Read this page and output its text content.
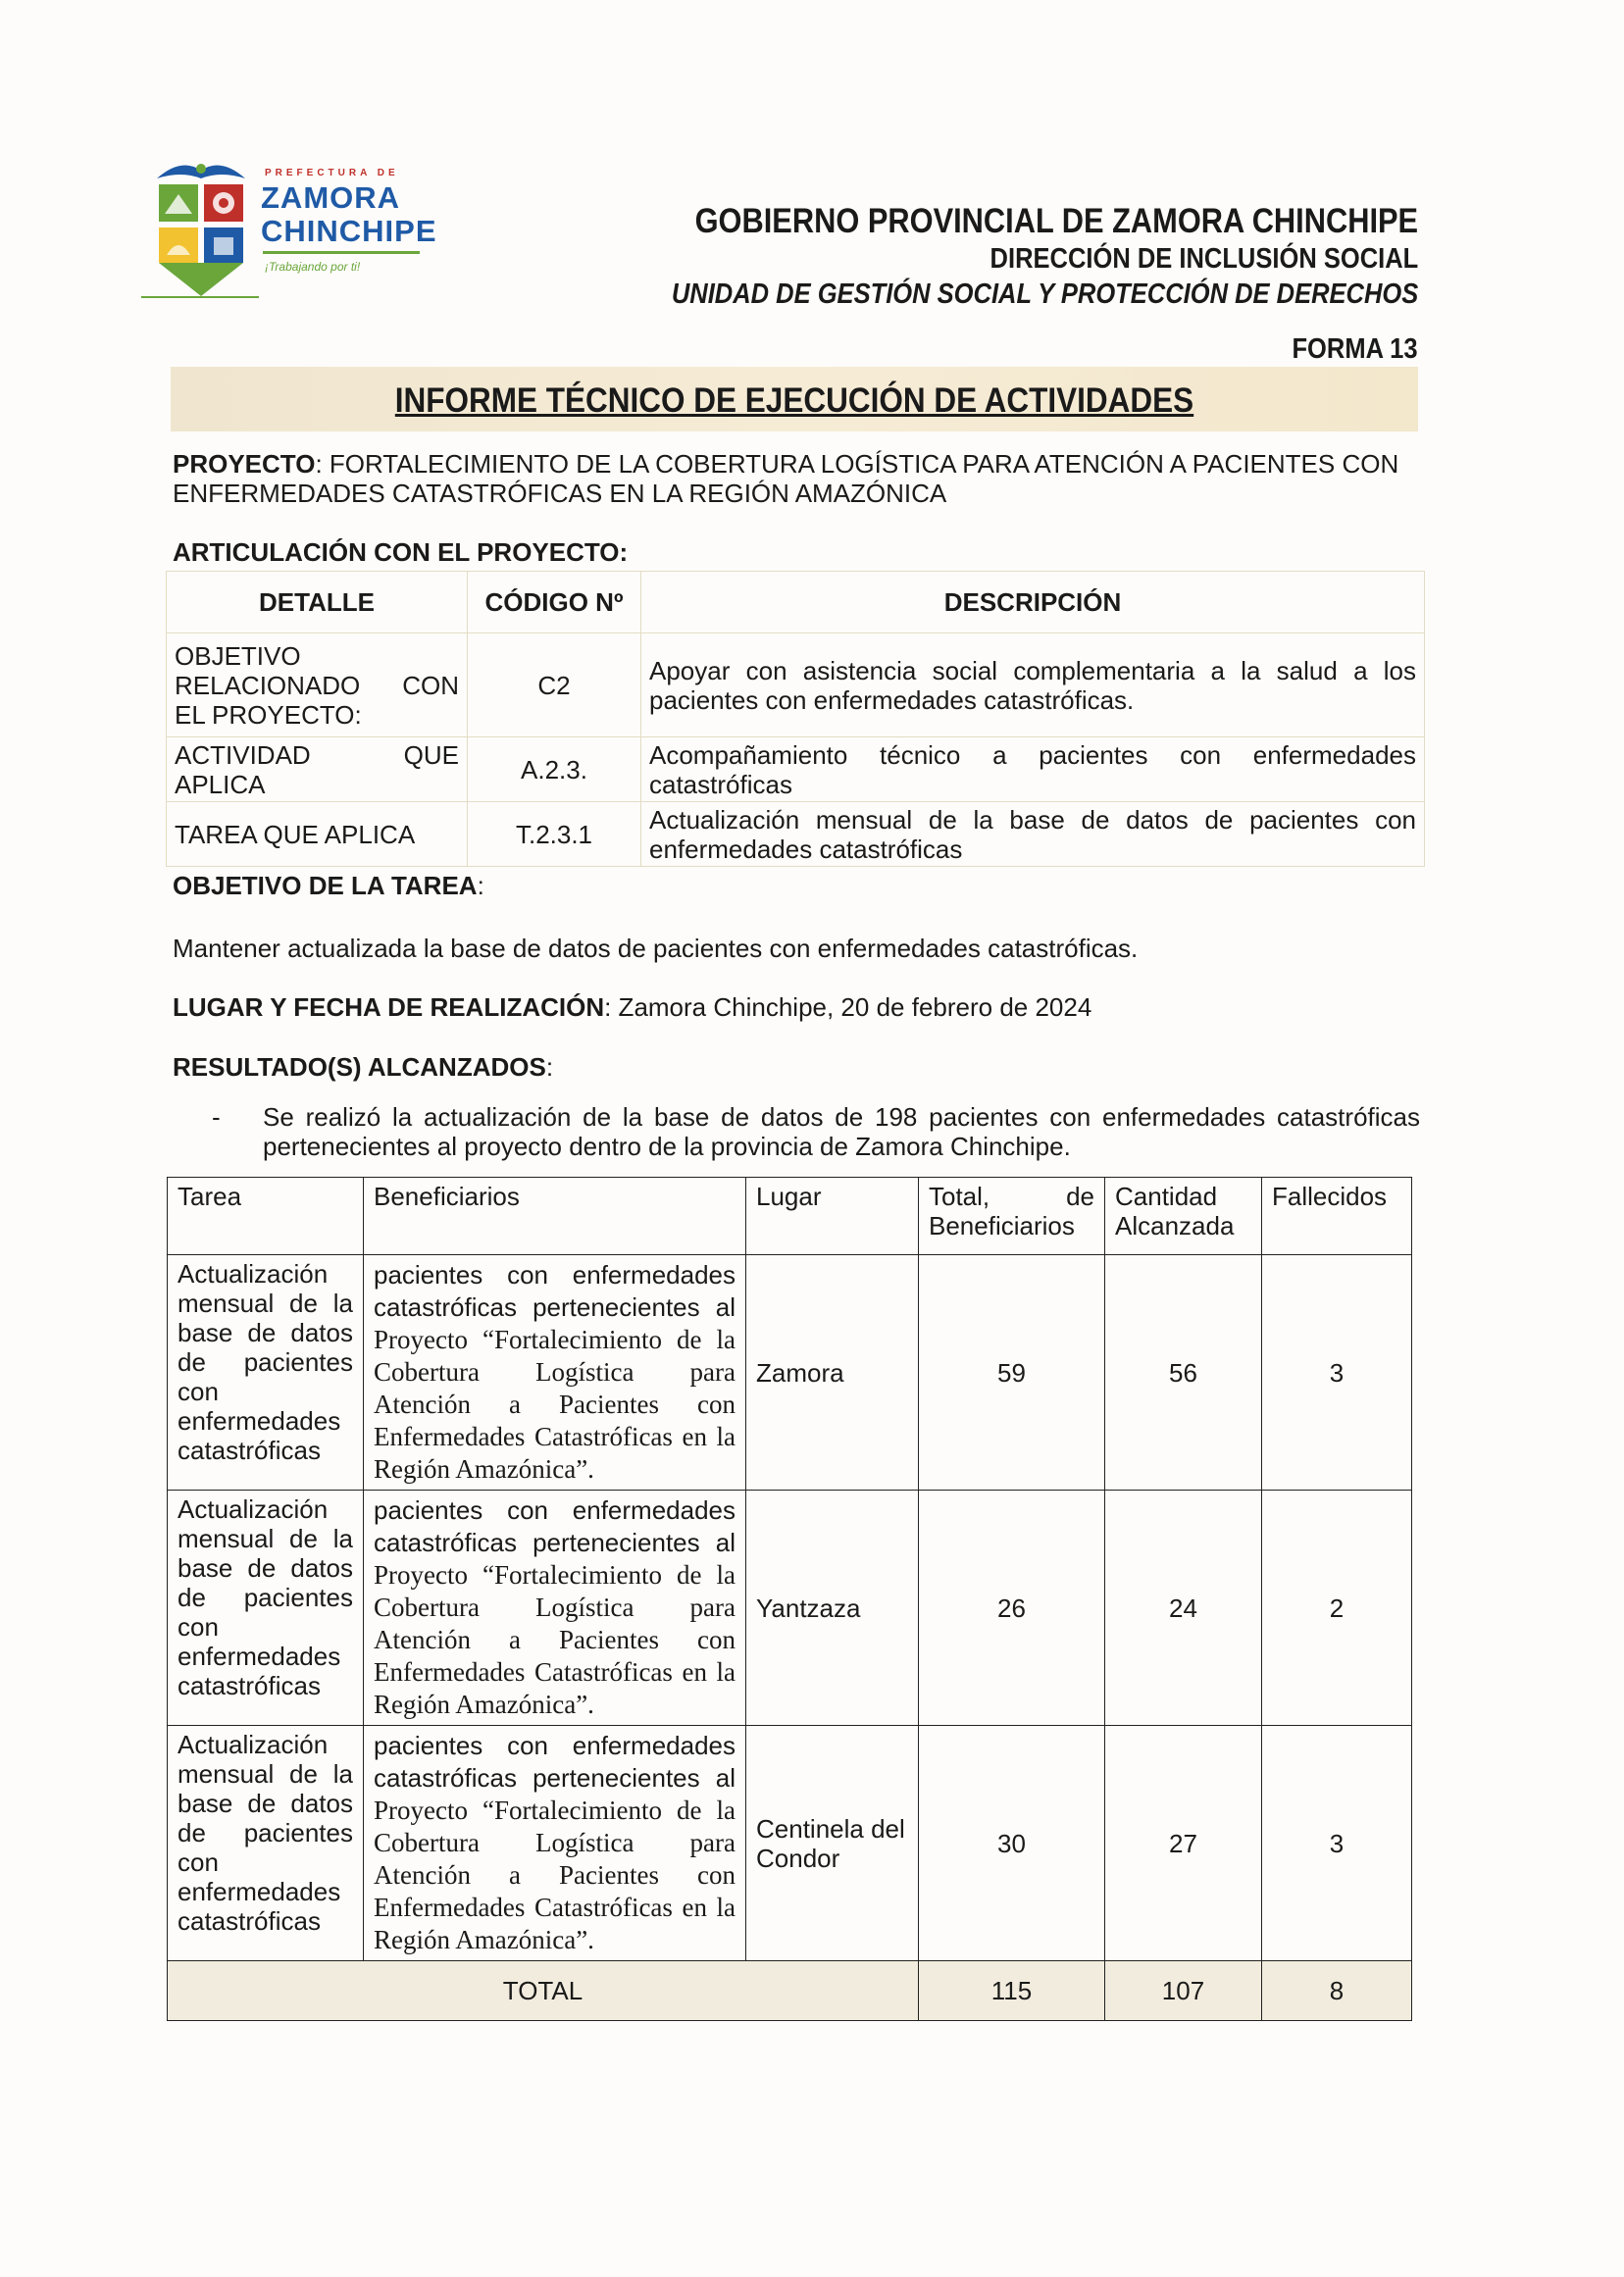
PREFECTURA DE
ZAMORA
CHINCHIPE
¡Trabajando por ti!
GOBIERNO PROVINCIAL DE ZAMORA CHINCHIPE
DIRECCIÓN DE INCLUSIÓN SOCIAL
UNIDAD DE GESTIÓN SOCIAL Y PROTECCIÓN DE DERECHOS
FORMA 13
INFORME TÉCNICO DE EJECUCIÓN DE ACTIVIDADES
PROYECTO: FORTALECIMIENTO DE LA COBERTURA LOGÍSTICA PARA ATENCIÓN A PACIENTES CON ENFERMEDADES CATASTRÓFICAS EN LA REGIÓN AMAZÓNICA
ARTICULACIÓN CON EL PROYECTO:
DETALLE	CÓDIGO Nº	DESCRIPCIÓN
OBJETIVO RELACIONADO CON EL PROYECTO:	C2	Apoyar con asistencia social complementaria a la salud a los pacientes con enfermedades catastróficas.
ACTIVIDAD QUE APLICA	A.2.3.	Acompañamiento técnico a pacientes con enfermedades catastróficas
TAREA QUE APLICA	T.2.3.1	Actualización mensual de la base de datos de pacientes con enfermedades catastróficas
OBJETIVO DE LA TAREA:
Mantener actualizada la base de datos de pacientes con enfermedades catastróficas.
LUGAR Y FECHA DE REALIZACIÓN: Zamora Chinchipe, 20 de febrero de 2024
RESULTADO(S) ALCANZADOS:
- Se realizó la actualización de la base de datos de 198 pacientes con enfermedades catastróficas pertenecientes al proyecto dentro de la provincia de Zamora Chinchipe.
Tarea	Beneficiarios	Lugar	Total, de Beneficiarios	Cantidad Alcanzada	Fallecidos
Actualización mensual de la base de datos de pacientes con enfermedades catastróficas	pacientes con enfermedades catastróficas pertenecientes al Proyecto “Fortalecimiento de la Cobertura Logística para Atención a Pacientes con Enfermedades Catastróficas en la Región Amazónica”.	Zamora	59	56	3
Actualización mensual de la base de datos de pacientes con enfermedades catastróficas	pacientes con enfermedades catastróficas pertenecientes al Proyecto “Fortalecimiento de la Cobertura Logística para Atención a Pacientes con Enfermedades Catastróficas en la Región Amazónica”.	Yantzaza	26	24	2
Actualización mensual de la base de datos de pacientes con enfermedades catastróficas	pacientes con enfermedades catastróficas pertenecientes al Proyecto “Fortalecimiento de la Cobertura Logística para Atención a Pacientes con Enfermedades Catastróficas en la Región Amazónica”.	Centinela del Condor	30	27	3
TOTAL			115	107	8
